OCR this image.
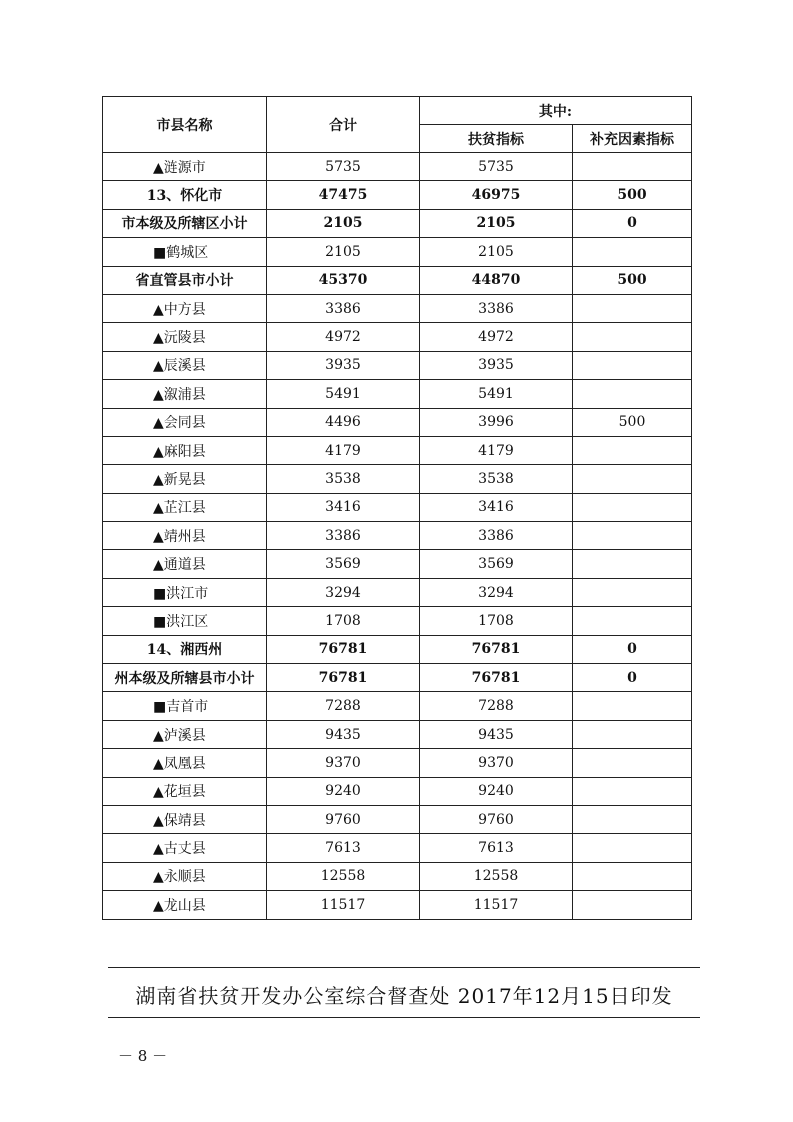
市县名称	合计	其中:	
		扶贫指标	补充因素指标
▲涟源市	5735	5735	
13、怀化市	47475	46975	500
市本级及所辖区小计	2105	2105	0
■鹤城区	2105	2105	
省直管县市小计	45370	44870	500
▲中方县	3386	3386	
▲沅陵县	4972	4972	
▲辰溪县	3935	3935	
▲溆浦县	5491	5491	
▲会同县	4496	3996	500
▲麻阳县	4179	4179	
▲新晃县	3538	3538	
▲芷江县	3416	3416	
▲靖州县	3386	3386	
▲通道县	3569	3569	
■洪江市	3294	3294	
■洪江区	1708	1708	
14、湘西州	76781	76781	0
州本级及所辖县市小计	76781	76781	0
■吉首市	7288	7288	
▲泸溪县	9435	9435	
▲凤凰县	9370	9370	
▲花垣县	9240	9240	
▲保靖县	9760	9760	
▲古丈县	7613	7613	
▲永顺县	12558	12558	
▲龙山县	11517	11517	
湖南省扶贫开发办公室综合督查处 2017年12月15日印发
－ 8 －
